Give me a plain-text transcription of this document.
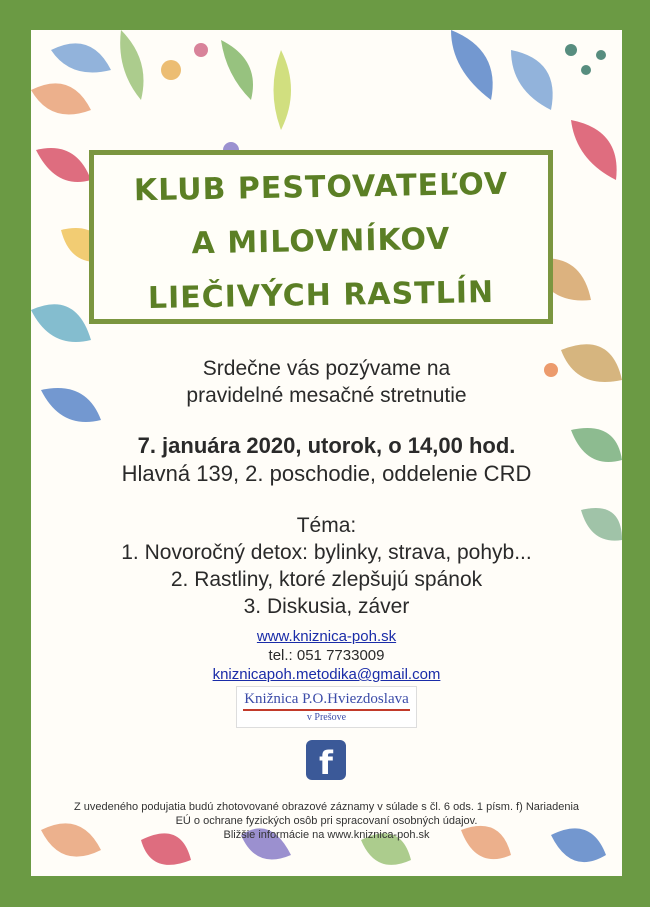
KLUB PESTOVATEĽOV
A MILOVNÍKOV
LIEČIVÝCH RASTLÍN
Srdečne vás pozývame na
pravidelné mesačné stretnutie
7. januára 2020, utorok, o 14,00 hod.
Hlavná 139, 2. poschodie, oddelenie CRD
Téma:
1. Novoročný detox: bylinky, strava, pohyb...
2. Rastliny, ktoré zlepšujú spánok
3. Diskusia, záver
www.kniznica-poh.sk
tel.: 051 7733009
kniznicapoh.metodika@gmail.com
Knižnica P.O.Hviezdoslava
v Prešove
f
Z uvedeného podujatia budú zhotovované obrazové záznamy v súlade s čl. 6 ods. 1 písm. f) Nariadenia
EÚ o ochrane fyzických osôb pri spracovaní osobných údajov.
Bližšie informácie na www.kniznica-poh.sk
